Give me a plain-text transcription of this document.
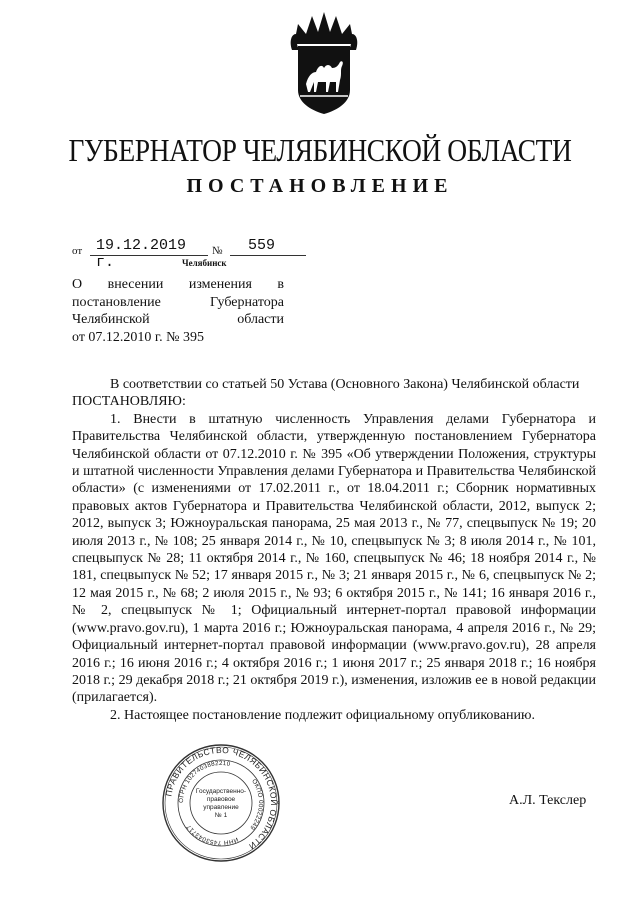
ГУБЕРНАТОР ЧЕЛЯБИНСКОЙ ОБЛАСТИ
ПОСТАНОВЛЕНИЕ
от 19.12.2019 г.
№ 559
Челябинск
О внесении изменения в
постановление Губернатора
Челябинской области
от 07.12.2010 г. № 395

В соответствии со статьей 50 Устава (Основного Закона) Челябинской области

ПОСТАНОВЛЯЮ:

1. Внести в штатную численность Управления делами Губернатора и Правительства Челябинской области, утвержденную постановлением Губернатора Челябинской области от 07.12.2010 г. № 395 «Об утверждении Положения, структуры и штатной численности Управления делами Губернатора и Правительства Челябинской области» (с изменениями от 17.02.2011 г., от 18.04.2011 г.; Сборник нормативных правовых актов Губернатора и Правительства Челябинской области, 2012, выпуск 2; 2012, выпуск 3; Южноуральская панорама, 25 мая 2013 г., № 77, спецвыпуск № 19; 20 июля 2013 г., № 108; 25 января 2014 г., № 10, спецвыпуск № 3; 8 июля 2014 г., № 101, спецвыпуск № 28; 11 октября 2014 г., № 160, спецвыпуск № 46; 18 ноября 2014 г., № 181, спецвыпуск № 52; 17 января 2015 г., № 3; 21 января 2015 г., № 6, спецвыпуск № 2; 12 мая 2015 г., № 68; 2 июля 2015 г., № 93; 6 октября 2015 г., № 141; 16 января 2016 г., № 2, спецвыпуск № 1; Официальный интернет-портал правовой информации (www.pravo.gov.ru), 1 марта 2016 г.; Южноуральская панорама, 4 апреля 2016 г., № 29; Официальный интернет-портал правовой информации (www.pravo.gov.ru), 28 апреля 2016 г.; 16 июня 2016 г.; 4 октября 2016 г.; 1 июня 2017 г.; 25 января 2018 г.; 16 ноября 2018 г.; 29 декабря 2018 г.; 21 октября 2019 г.), изменения, изложив ее в новой редакции (прилагается).

2. Настоящее постановление подлежит официальному опубликованию.

ПРАВИТЕЛЬСТВО ЧЕЛЯБИНСКОЙ ОБЛАСТИ
ОГРН 1027403882210
ОКПО 00022249
ИНН 7453043717
Государственно-
правовое
управление
№ 1
А.Л. Текслер
